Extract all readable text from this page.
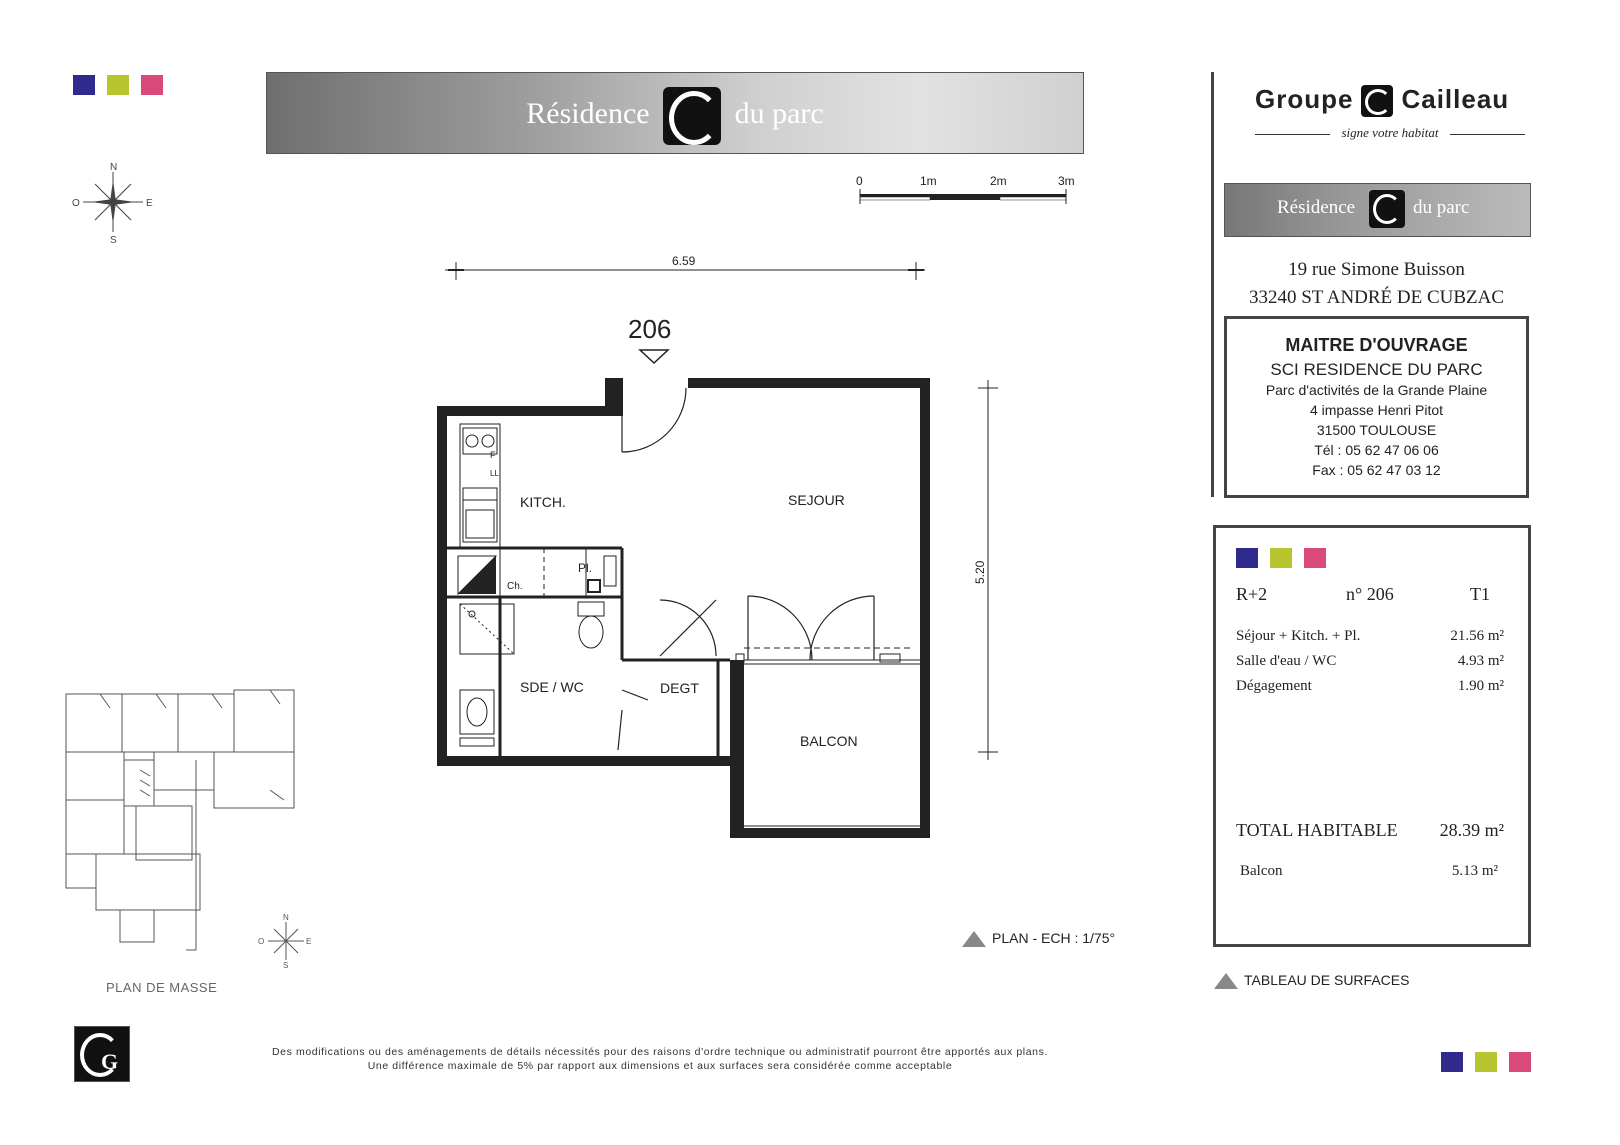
N
S
O	E
Résidence	du parc
0	1m	2m	3m
6.59
5.20
206
F
LL
Ch.
Pl.
KITCH.	SEJOUR
SDE / WC	DEGT
BALCON
PLAN - ECH : 1/75°
N
S
O	E
PLAN DE MASSE
G	Des modifications ou des aménagements de détails nécessités pour des raisons d'ordre technique ou administratif pourront être apportés aux plans.
Une différence maximale de 5% par rapport aux dimensions et aux surfaces sera considérée comme acceptable
Groupe Cailleau
signe votre habitat
Résidence	du parc
19 rue Simone Buisson
33240 ST ANDRÉ DE CUBZAC
MAITRE D'OUVRAGE
SCI RESIDENCE DU PARC
Parc d'activités de la Grande Plaine
4 impasse Henri Pitot
31500 TOULOUSE
Tél : 05 62 47 06 06
Fax : 05 62 47 03 12
R+2	n° 206	T1
Séjour + Kitch. + Pl.	21.56 m²
Salle d'eau / WC	4.93 m²
Dégagement	1.90 m²
TOTAL HABITABLE 28.39 m²
Balcon	5.13 m²
TABLEAU DE SURFACES
